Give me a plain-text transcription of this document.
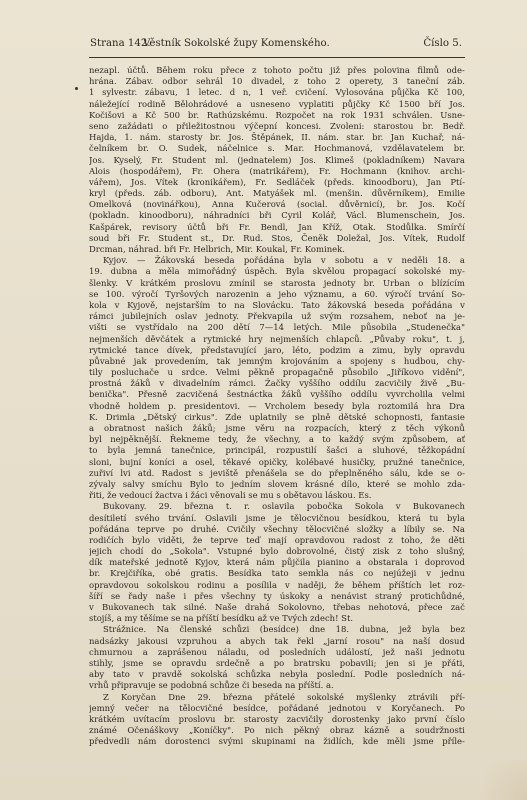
Strana 142.
Věstník Sokolské župy Komenského.	Číslo 5.
nezapl. účtů. Během roku přece z tohoto počtu již přes polovina filmů ode-
hrána. Zábav. odbor sehrál 10 divadel, z toho 2 operety, 3 taneční záb.
1 sylvestr. zábavu, 1 letec. d n, 1 veř. cvičení. Vylosována půjčka Kč 100,
náležející rodině Bělohrádové a usneseno vyplatiti půjčky Kč 1500 bří Jos.
Kočišovi a Kč 500 br. Rathúzskému. Rozpočet na rok 1931 schválen. Usne-
seno zažádati o přiležitostnou výčepní koncesi. Zvoleni: starostou br. Bedř.
Hajda, 1. nám. starosty br. Jos. Štěpánek, II. nám. star. br. Jan Kuchař, ná-
čelníkem br. O. Sudek, náčelnice s. Mar. Hochmanová, vzdělavatelem br.
Jos. Kyselý, Fr. Student ml. (jednatelem) Jos. Klimeš (pokladníkem) Navara
Alois (hospodářem), Fr. Ohera (matrikářem), Fr. Hochmann (knihov. archi-
vářem), Jos. Vítek (kronikářem), Fr. Sedláček (předs. kinoodboru), Jan Ptí-
kryl (předs. záb. odboru), Ant. Matyášek ml. (menšin. důvěrníkem), Emilie
Omelková (novinářkou), Anna Kučerová (social. důvěrnicí), br. Jos. Kočí
(pokladn. kinoodboru), náhradníci bři Cyril Kolář, Václ. Blumenschein, Jos.
Kašpárek, revisory účtů bři Fr. Bendl, Jan Kříž, Otak. Stodůlka. Smírčí
soud bři Fr. Student st., Dr. Rud. Stos, Čeněk Doležal, Jos. Vítek, Rudolf
Drcman, náhrad. bři Fr. Helbrich, Mir. Koukal, Fr. Kominek.
Kyjov. — Žákovská beseda pořádána byla v sobotu a v neděli 18. a
19. dubna a měla mimořádný úspěch. Byla skvělou propagací sokolské my-
šlenky. V krátkém proslovu zmínil se starosta jednoty br. Urban o blízícím
se 100. výročí Tyršových narozenin a jeho významu, a 60. výročí trvání So-
kola v Kyjově, nejstarším to na Slovácku. Tato žákovská beseda pořádána v
rámci jubilejních oslav jednoty. Překvapila už svým rozsahem, neboť na je-
višti se vystřídalo na 200 dětí 7—14 letých. Mile působila „Studenečka"
nejmenších děvčátek a rytmické hry nejmenších chlapců. „Půvaby roku", t. j,
rytmické tance dívek, představující jaro, léto, podzim a zimu, byly opravdu
půvabné jak provedením, tak jemným krojováním a spojeny s hudbou, chy-
tily posluchače u srdce. Velmi pěkně propagačně působilo „Jiříkovo vidění",
prostná žáků v divadelním rámci. Žačky vyššího oddílu zacvičily živě „Bu-
benička". Přesně zacvičená šestnáctka žáků vyššího oddílu vyvrcholila velmi
vhodně holdem p. presidentovi. — Vrcholem besedy byla roztomilá hra Dra
K. Drimla „Dětský cirkus". Zde uplatnily se plně dětské schopnosti, fantasie
a obratnost našich žáků; jsme věru na rozpacích, který z těch výkonů
byl nejpěknější. Řekneme tedy, že všechny, a to každý svým způsobem, ať
to byla jemná tanečnice, principál, rozpustilí šašci a sluhové, těžkopádní
sloni, bujní koníci a osel, těkavé opičky, kolébavé husičky, pružné tanečnice,
zuřiví lvi atd. Radost s jeviště přenášela se do přeplněného sálu, kde se o-
zývaly salvy smíchu Bylo to jedním slovem krásné dílo, které se mohlo zda-
řiti, že vedoucí žactva i žáci věnovali se mu s obětavou láskou. Es.
Bukovany. 29. března t. r. oslavila pobočka Sokola v Bukovanech
desítiletí svého trvání. Oslavili jsme je tělocvičnou besídkou, která tu byla
pořádána teprve po druhé. Cvičily všechny tělocvičné složky a líbily se. Na
rodičích bylo viděti, že teprve teď mají opravdovou radost z toho, že děti
jejich chodí do „Sokola". Vstupné bylo dobrovolné, čistý zisk z toho slušný,
dík mateřské jednotě Kyjov, která nám půjčila pianino a obstarala i doprovod
br. Krejčiříka, obé gratis. Besídka tato semkla nás co nejúžeji v jednu
opravdovou sokolskou rodinu a posílila v naději, že během příštích let roz-
šíří se řady naše i přes všechny ty úskoky a nenávist straný protichůdné,
v Bukovanech tak silné. Naše drahá Sokolovno, třebas nehotová, přece zač
stojíš, a my těšíme se na příští besídku až ve Tvých zdech! St.
Strážnice. Na členské schůzi (besídce) dne 18. dubna, jež byla bez
nadsázky jakousi vzpruhou a abych tak řekl „jarní rosou" na naší dosud
chmurnou a zaprášenou náladu, od posledních událostí, jež naši jednotu
stihly, jsme se opravdu srdečně a po bratrsku pobavili; jen si je přáti,
aby tato v pravdě sokolská schůzka nebyla poslední. Podle posledních ná-
vrhů připravuje se podobná schůze či beseda na příští. a.
Z Koryčan Dne 29. března přátelé sokolské myšlenky ztrávili pří-
jemný večer na tělocvičné besídce, pořádané jednotou v Koryčanech. Po
krátkém uvítacím proslovu br. starosty zacvičily dorostenky jako první číslo
známé Očenáškovy „Koníčky". Po nich pěkný obraz kázně a soudržnosti
předvedli nám dorostenci svými skupinami na židlích, kde měli jsme příle-
